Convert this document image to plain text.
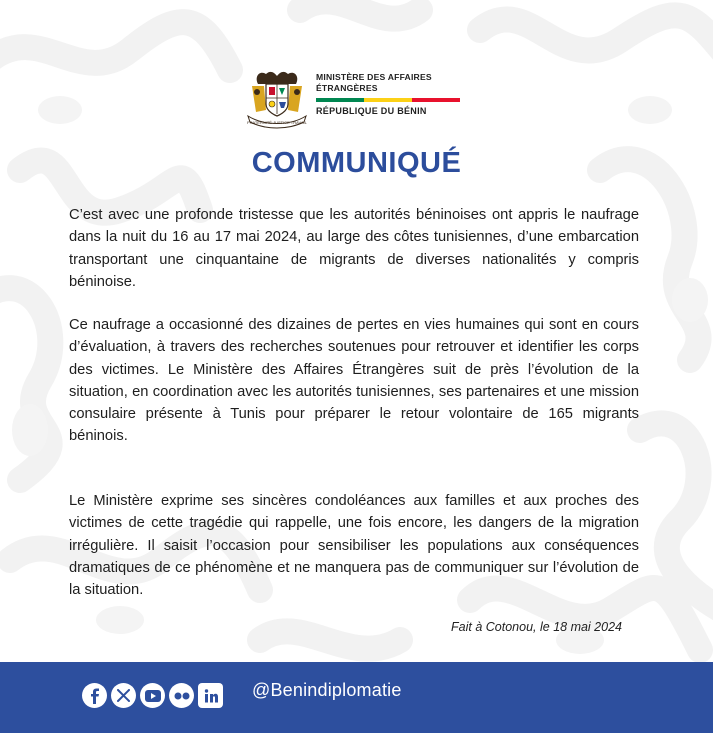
FRATERNITÉ JUSTICE TRAVAIL
MINISTÈRE DES AFFAIRES
ÉTRANGÈRES
RÉPUBLIQUE DU BÉNIN
COMMUNIQUÉ

C’est avec une profonde tristesse que les autorités béninoises ont appris le naufrage dans la nuit du 16 au 17 mai 2024, au large des côtes tunisiennes, d’une embarcation transportant une cinquantaine de migrants de diverses nationalités y compris béninoise.

Ce naufrage a occasionné des dizaines de pertes en vies humaines qui sont en cours d’évaluation, à travers des recherches soutenues pour retrouver et identifier les corps des victimes. Le Ministère des Affaires Étrangères suit de près l’évolution de la situation, en coordination avec les autorités tunisiennes, ses partenaires et une mission consulaire présente à Tunis pour préparer le retour volontaire de 165 migrants béninois.

Le Ministère exprime ses sincères condoléances aux familles et aux proches des victimes de cette tragédie qui rappelle, une fois encore, les dangers de la migration irrégulière. Il saisit l’occasion pour sensibiliser les populations aux conséquences dramatiques de ce phénomène et ne manquera pas de communiquer sur l’évolution de la situation.

Fait à Cotonou, le 18 mai 2024
@Benindiplomatie
